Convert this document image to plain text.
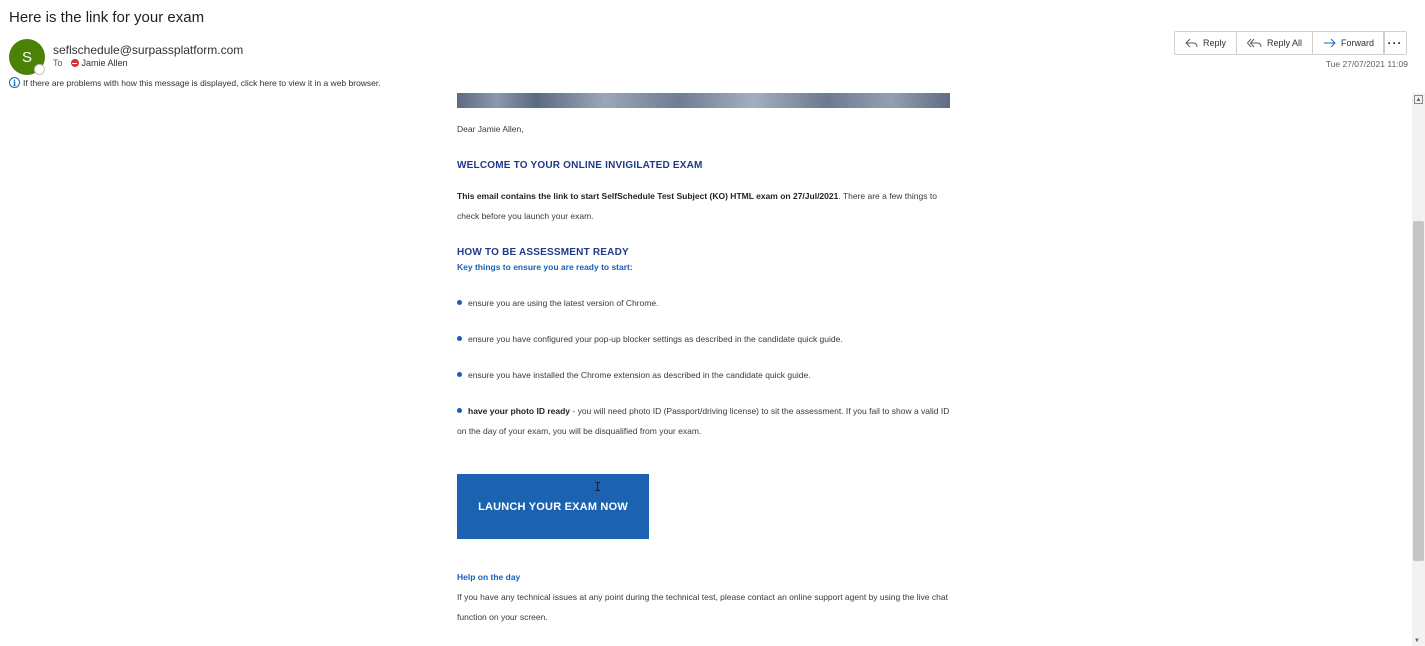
Here is the link for your exam
S seflschedule@surpassplatform.com
To Jamie Allen
i If there are problems with how this message is displayed, click here to view it in a web browser.
Reply	Reply All	Forward	···
Tue 27/07/2021 11:09
▲
▼
Dear Jamie Allen,
WELCOME TO YOUR ONLINE INVIGILATED EXAM
This email contains the link to start SelfSchedule Test Subject (KO) HTML exam on 27/Jul/2021. There are a few things to check before you launch your exam.
HOW TO BE ASSESSMENT READY
Key things to ensure you are ready to start:
ensure you are using the latest version of Chrome.
ensure you have configured your pop-up blocker settings as described in the candidate quick guide.
ensure you have installed the Chrome extension as described in the candidate quick guide.
have your photo ID ready - you will need photo ID (Passport/driving license) to sit the assessment. If you fail to show a valid ID on the day of your exam, you will be disqualified from your exam.
LAUNCH YOUR EXAM NOW
I
Help on the day
If you have any technical issues at any point during the technical test, please contact an online support agent by using the live chat function on your screen.
